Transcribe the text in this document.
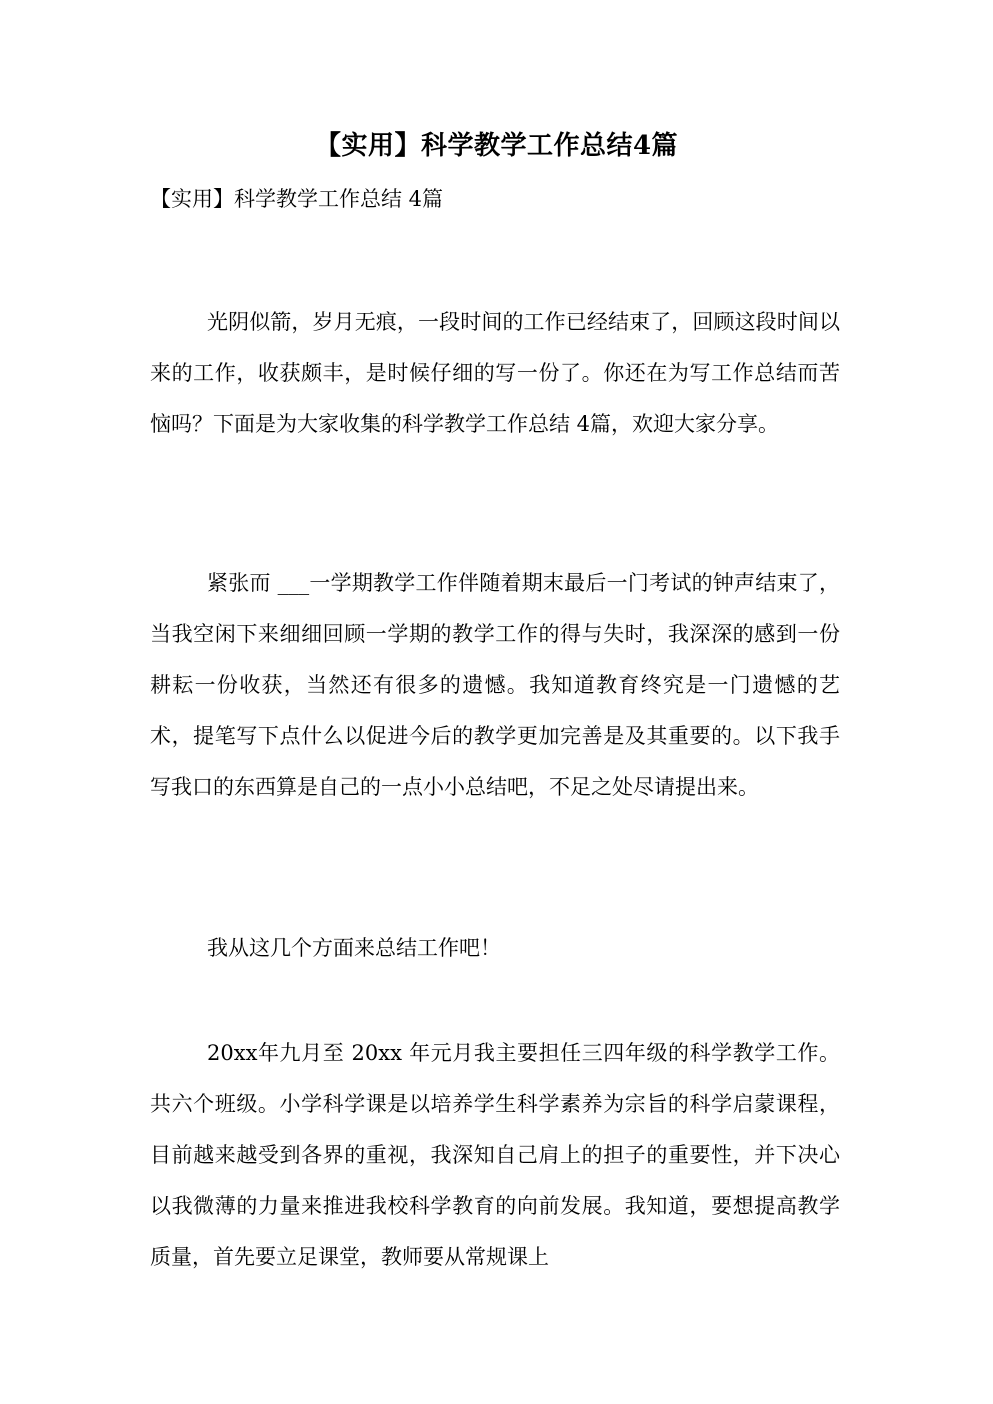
【实用】科学教学工作总结4篇
【实用】科学教学工作总结 4篇

光阴似箭，岁月无痕，一段时间的工作已经结束了，回顾这段时间以来的工作，收获颇丰，是时候仔细的写一份了。你还在为写工作总结而苦恼吗？下面是为大家收集的科学教学工作总结 4篇，欢迎大家分享。

紧张而 ___一学期教学工作伴随着期末最后一门考试的钟声结束了，当我空闲下来细细回顾一学期的教学工作的得与失时，我深深的感到一份耕耘一份收获，当然还有很多的遗憾。我知道教育终究是一门遗憾的艺术，提笔写下点什么以促进今后的教学更加完善是及其重要的。以下我手写我口的东西算是自己的一点小小总结吧，不足之处尽请提出来。

我从这几个方面来总结工作吧！

20xx年九月至 20xx 年元月我主要担任三四年级的科学教学工作。共六个班级。小学科学课是以培养学生科学素养为宗旨的科学启蒙课程，目前越来越受到各界的重视，我深知自己肩上的担子的重要性，并下决心以我微薄的力量来推进我校科学教育的向前发展。我知道，要想提高教学质量，首先要立足课堂，教师要从常规课上
